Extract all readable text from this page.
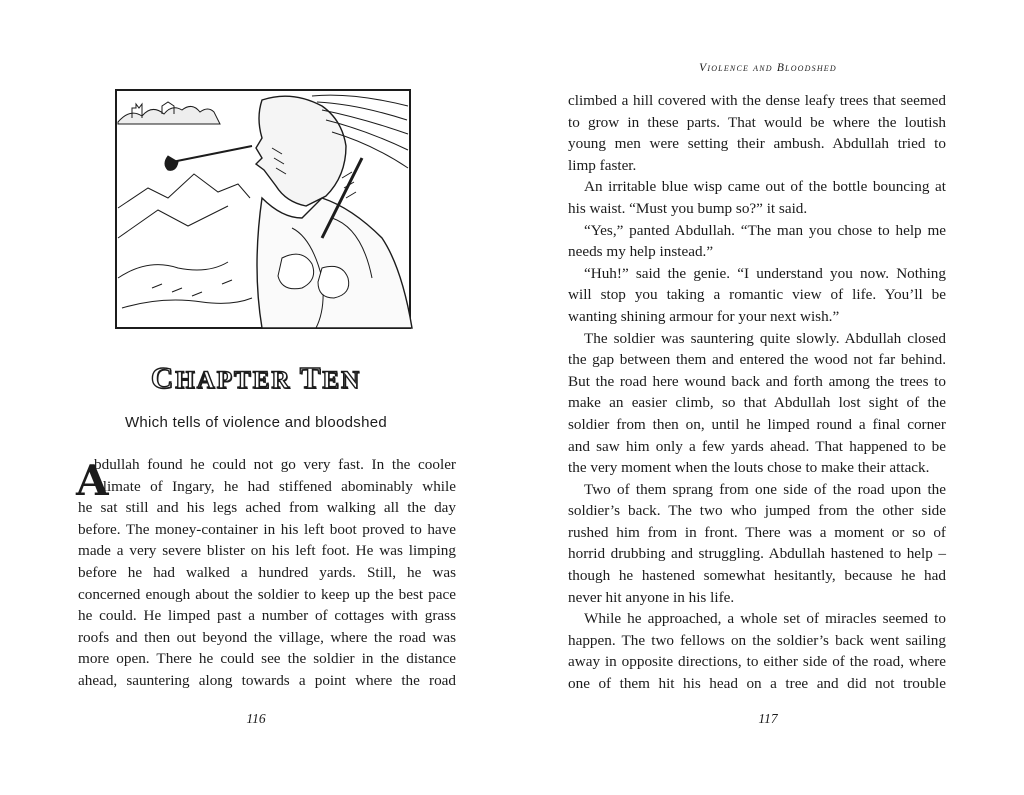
CHAPTER TEN
Which tells of violence and bloodshed
A
bdullah found he could not go very fast. In the cooler
climate of Ingary, he had stiffened abominably while
he sat still and his legs ached from walking all the day
before. The money-container in his left boot proved to have
made a very severe blister on his left foot. He was limping
before he had walked a hundred yards. Still, he was
concerned enough about the soldier to keep up the best pace
he could. He limped past a number of cottages with grass
roofs and then out beyond the village, where the road was
more open. There he could see the soldier in the distance
ahead, sauntering along towards a point where the road
116
Violence and Bloodshed
climbed a hill covered with the dense leafy trees that seemed
to grow in these parts. That would be where the loutish
young men were setting their ambush. Abdullah tried to
limp faster.
An irritable blue wisp came out of the bottle bouncing at
his waist. “Must you bump so?” it said.
“Yes,” panted Abdullah. “The man you chose to help me
needs my help instead.”
“Huh!” said the genie. “I understand you now. Nothing
will stop you taking a romantic view of life. You’ll be
wanting shining armour for your next wish.”
The soldier was sauntering quite slowly. Abdullah closed
the gap between them and entered the wood not far behind.
But the road here wound back and forth among the trees to
make an easier climb, so that Abdullah lost sight of the
soldier from then on, until he limped round a final corner
and saw him only a few yards ahead. That happened to be
the very moment when the louts chose to make their attack.
Two of them sprang from one side of the road upon the
soldier’s back. The two who jumped from the other side
rushed him from in front. There was a moment or so of
horrid drubbing and struggling. Abdullah hastened to help –
though he hastened somewhat hesitantly, because he had
never hit anyone in his life.
While he approached, a whole set of miracles seemed to
happen. The two fellows on the soldier’s back went sailing
away in opposite directions, to either side of the road, where
one of them hit his head on a tree and did not trouble
117
